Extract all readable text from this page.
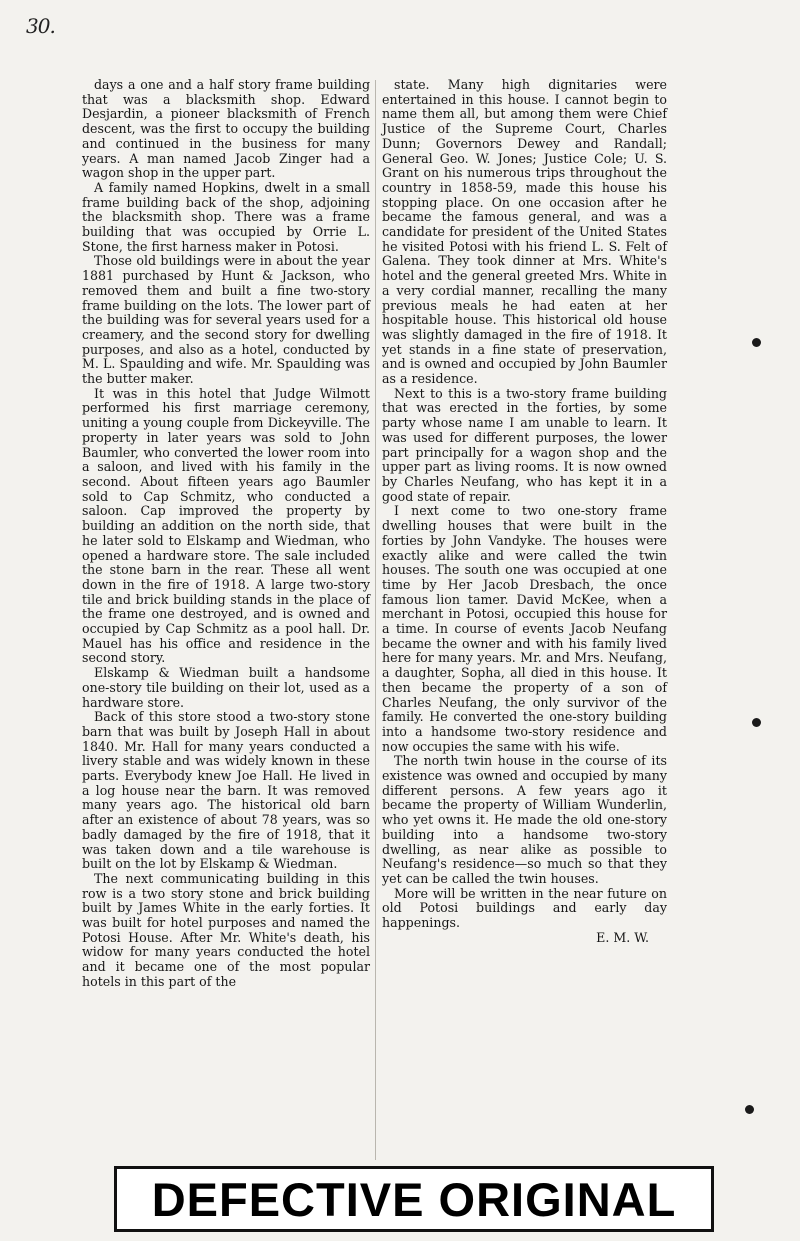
30.

days a one and a half story frame building that was a blacksmith shop. Edward Desjardin, a pioneer blacksmith of French descent, was the first to occupy the building and continued in the business for many years. A man named Jacob Zinger had a wagon shop in the upper part.

A family named Hopkins, dwelt in a small frame building back of the shop, adjoining the blacksmith shop. There was a frame building that was occupied by Orrie L. Stone, the first harness maker in Potosi.

Those old buildings were in about the year 1881 purchased by Hunt & Jackson, who removed them and built a fine two-story frame building on the lots. The lower part of the building was for several years used for a creamery, and the second story for dwelling purposes, and also as a hotel, conducted by M. L. Spaulding and wife. Mr. Spaulding was the butter maker.

It was in this hotel that Judge Wilmott performed his first marriage ceremony, uniting a young couple from Dickeyville. The property in later years was sold to John Baumler, who converted the lower room into a saloon, and lived with his family in the second. About fifteen years ago Baumler sold to Cap Schmitz, who conducted a saloon. Cap improved the property by building an addition on the north side, that he later sold to Elskamp and Wiedman, who opened a hardware store. The sale included the stone barn in the rear. These all went down in the fire of 1918. A large two-story tile and brick building stands in the place of the frame one destroyed, and is owned and occupied by Cap Schmitz as a pool hall. Dr. Mauel has his office and residence in the second story.

Elskamp & Wiedman built a handsome one-story tile building on their lot, used as a hardware store.

Back of this store stood a two-story stone barn that was built by Joseph Hall in about 1840. Mr. Hall for many years conducted a livery stable and was widely known in these parts. Everybody knew Joe Hall. He lived in a log house near the barn. It was removed many years ago. The historical old barn after an existence of about 78 years, was so badly damaged by the fire of 1918, that it was taken down and a tile warehouse is built on the lot by Elskamp & Wiedman.

The next communicating building in this row is a two story stone and brick building built by James White in the early forties. It was built for hotel purposes and named the Potosi House. After Mr. White's death, his widow for many years conducted the hotel and it became one of the most popular hotels in this part of the

state. Many high dignitaries were entertained in this house. I cannot begin to name them all, but among them were Chief Justice of the Supreme Court, Charles Dunn; Governors Dewey and Randall; General Geo. W. Jones; Justice Cole; U. S. Grant on his numerous trips throughout the country in 1858-59, made this house his stopping place. On one occasion after he became the famous general, and was a candidate for president of the United States he visited Potosi with his friend L. S. Felt of Galena. They took dinner at Mrs. White's hotel and the general greeted Mrs. White in a very cordial manner, recalling the many previous meals he had eaten at her hospitable house. This historical old house was slightly damaged in the fire of 1918. It yet stands in a fine state of preservation, and is owned and occupied by John Baumler as a residence.

Next to this is a two-story frame building that was erected in the forties, by some party whose name I am unable to learn. It was used for different purposes, the lower part principally for a wagon shop and the upper part as living rooms. It is now owned by Charles Neufang, who has kept it in a good state of repair.

I next come to two one-story frame dwelling houses that were built in the forties by John Vandyke. The houses were exactly alike and were called the twin houses. The south one was occupied at one time by Her Jacob Dresbach, the once famous lion tamer. David McKee, when a merchant in Potosi, occupied this house for a time. In course of events Jacob Neufang became the owner and with his family lived here for many years. Mr. and Mrs. Neufang, a daughter, Sopha, all died in this house. It then became the property of a son of Charles Neufang, the only survivor of the family. He converted the one-story building into a handsome two-story residence and now occupies the same with his wife.

The north twin house in the course of its existence was owned and occupied by many different persons. A few years ago it became the property of William Wunderlin, who yet owns it. He made the old one-story building into a handsome two-story dwelling, as near alike as possible to Neufang's residence—so much so that they yet can be called the twin houses.

More will be written in the near future on old Potosi buildings and early day happenings.

E. M. W.

DEFECTIVE ORIGINAL
